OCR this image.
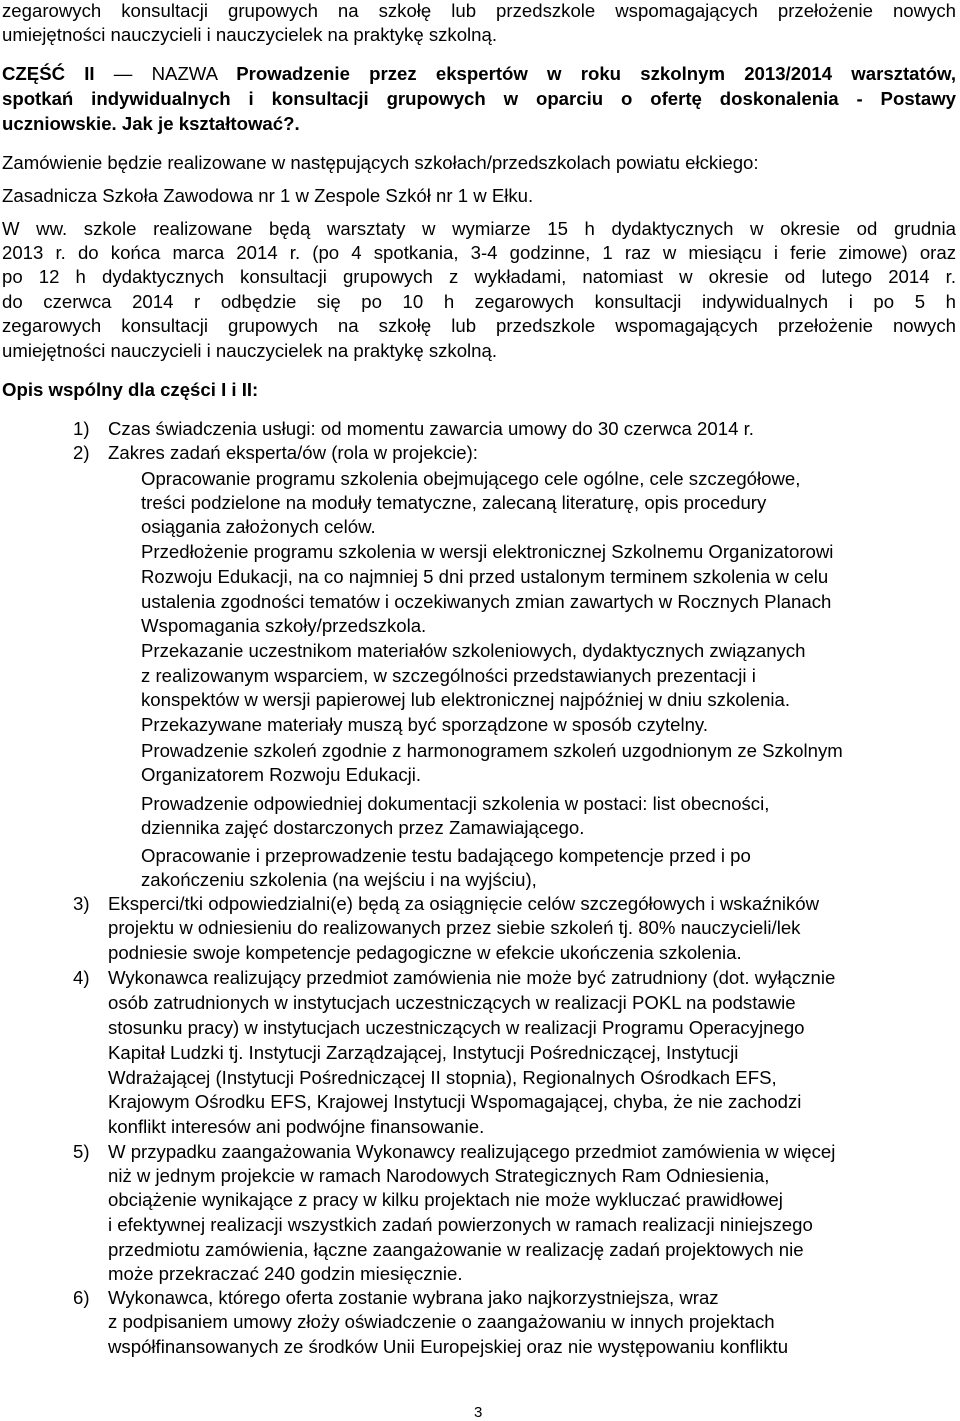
zegarowych konsultacji grupowych na szkołę lub przedszkole wspomagających przełożenie nowych
umiejętności nauczycieli i nauczycielek na praktykę szkolną.
CZĘŚĆ II — NAZWA Prowadzenie przez ekspertów w roku szkolnym 2013/2014 warsztatów,
spotkań indywidualnych i konsultacji grupowych w oparciu o ofertę doskonalenia - Postawy
uczniowskie. Jak je kształtować?.
Zamówienie będzie realizowane w następujących szkołach/przedszkolach powiatu ełckiego:
Zasadnicza Szkoła Zawodowa nr 1 w Zespole Szkół nr 1 w Ełku.
W ww. szkole realizowane będą warsztaty w wymiarze 15 h dydaktycznych w okresie od grudnia
2013 r. do końca marca 2014 r. (po 4 spotkania, 3-4 godzinne, 1 raz w miesiącu i ferie zimowe) oraz
po 12 h dydaktycznych konsultacji grupowych z wykładami, natomiast w okresie od lutego 2014 r.
do czerwca 2014 r odbędzie się po 10 h zegarowych konsultacji indywidualnych i po 5 h
zegarowych konsultacji grupowych na szkołę lub przedszkole wspomagających przełożenie nowych
umiejętności nauczycieli i nauczycielek na praktykę szkolną.
Opis wspólny dla części I i II:
1) Czas świadczenia usługi: od momentu zawarcia umowy do 30 czerwca 2014 r.
2) Zakres zadań eksperta/ów (rola w projekcie):
Opracowanie programu szkolenia obejmującego cele ogólne, cele szczegółowe,
treści podzielone na moduły tematyczne, zalecaną literaturę, opis procedury
osiągania założonych celów.
Przedłożenie programu szkolenia w wersji elektronicznej Szkolnemu Organizatorowi
Rozwoju Edukacji, na co najmniej 5 dni przed ustalonym terminem szkolenia w celu
ustalenia zgodności tematów i oczekiwanych zmian zawartych w Rocznych Planach
Wspomagania szkoły/przedszkola.
Przekazanie uczestnikom materiałów szkoleniowych, dydaktycznych związanych
z realizowanym wsparciem, w szczególności przedstawianych prezentacji i
konspektów w wersji papierowej lub elektronicznej najpóźniej w dniu szkolenia.
Przekazywane materiały muszą być sporządzone w sposób czytelny.
Prowadzenie szkoleń zgodnie z harmonogramem szkoleń uzgodnionym ze Szkolnym
Organizatorem Rozwoju Edukacji.
Prowadzenie odpowiedniej dokumentacji szkolenia w postaci: list obecności,
dziennika zajęć dostarczonych przez Zamawiającego.
Opracowanie i przeprowadzenie testu badającego kompetencje przed i po
zakończeniu szkolenia (na wejściu i na wyjściu),
3) Eksperci/tki odpowiedzialni(e) będą za osiągnięcie celów szczegółowych i wskaźników
projektu w odniesieniu do realizowanych przez siebie szkoleń tj. 80% nauczycieli/lek
podniesie swoje kompetencje pedagogiczne w efekcie ukończenia szkolenia.
4) Wykonawca realizujący przedmiot zamówienia nie może być zatrudniony (dot. wyłącznie
osób zatrudnionych w instytucjach uczestniczących w realizacji POKL na podstawie
stosunku pracy) w instytucjach uczestniczących w realizacji Programu Operacyjnego
Kapitał Ludzki tj. Instytucji Zarządzającej, Instytucji Pośredniczącej, Instytucji
Wdrażającej (Instytucji Pośredniczącej II stopnia), Regionalnych Ośrodkach EFS,
Krajowym Ośrodku EFS, Krajowej Instytucji Wspomagającej, chyba, że nie zachodzi
konflikt interesów ani podwójne finansowanie.
5) W przypadku zaangażowania Wykonawcy realizującego przedmiot zamówienia w więcej
niż w jednym projekcie w ramach Narodowych Strategicznych Ram Odniesienia,
obciążenie wynikające z pracy w kilku projektach nie może wykluczać prawidłowej
i efektywnej realizacji wszystkich zadań powierzonych w ramach realizacji niniejszego
przedmiotu zamówienia, łączne zaangażowanie w realizację zadań projektowych nie
może przekraczać 240 godzin miesięcznie.
6) Wykonawca, którego oferta zostanie wybrana jako najkorzystniejsza, wraz
z podpisaniem umowy złoży oświadczenie o zaangażowaniu w innych projektach
współfinansowanych ze środków Unii Europejskiej oraz nie występowaniu konfliktu
3
